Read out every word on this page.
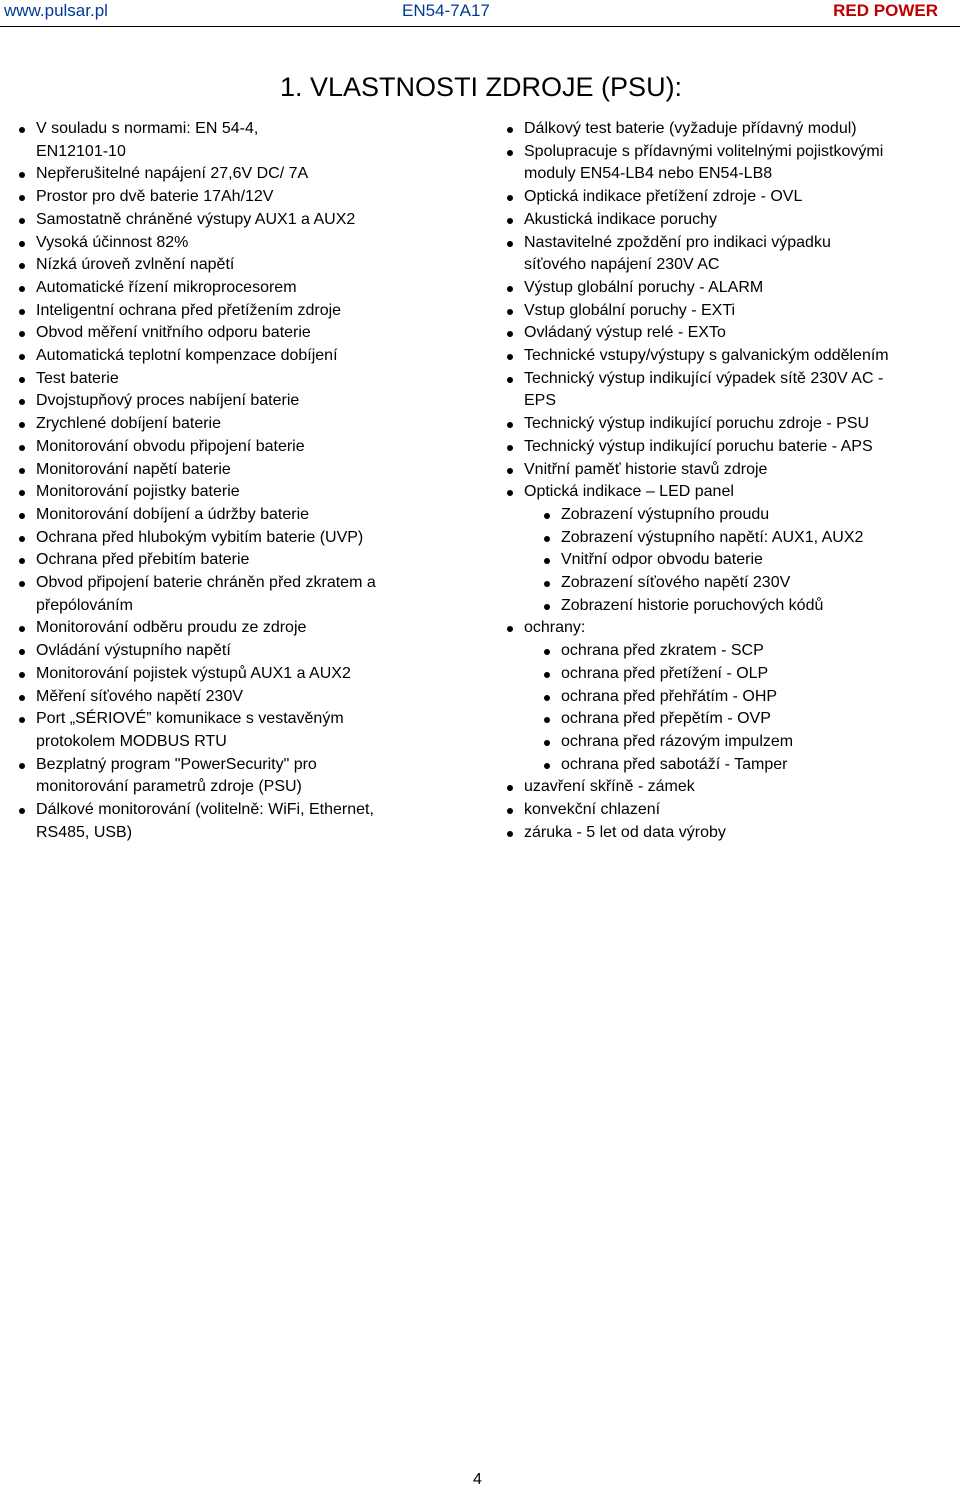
www.pulsar.pl	EN54-7A17	RED POWER
1. VLASTNOSTI ZDROJE (PSU):
V souladu s normami: EN 54-4,
EN12101-10
Nepřerušitelné napájení 27,6V DC/ 7A
Prostor pro dvě baterie 17Ah/12V
Samostatně chráněné výstupy AUX1 a AUX2
Vysoká účinnost 82%
Nízká úroveň zvlnění napětí
Automatické řízení mikroprocesorem
Inteligentní ochrana před přetížením zdroje
Obvod měření vnitřního odporu baterie
Automatická teplotní kompenzace dobíjení
Test baterie
Dvojstupňový proces nabíjení baterie
Zrychlené dobíjení baterie
Monitorování obvodu připojení baterie
Monitorování napětí baterie
Monitorování pojistky baterie
Monitorování dobíjení a údržby baterie
Ochrana před hlubokým vybitím baterie (UVP)
Ochrana před přebitím baterie
Obvod připojení baterie chráněn před zkratem a
přepólováním
Monitorování odběru proudu ze zdroje
Ovládání výstupního napětí
Monitorování pojistek výstupů AUX1 a AUX2
Měření síťového napětí 230V
Port „SÉRIOVÉ” komunikace s vestavěným
protokolem MODBUS RTU
Bezplatný program "PowerSecurity" pro
monitorování parametrů zdroje (PSU)
Dálkové monitorování (volitelně: WiFi, Ethernet,
RS485, USB)
Dálkový test baterie (vyžaduje přídavný modul)
Spolupracuje s přídavnými volitelnými pojistkovými
moduly EN54-LB4 nebo EN54-LB8
Optická indikace přetížení zdroje - OVL
Akustická indikace poruchy
Nastavitelné zpoždění pro indikaci výpadku
síťového napájení 230V AC
Výstup globální poruchy - ALARM
Vstup globální poruchy - EXTi
Ovládaný výstup relé - EXTo
Technické vstupy/výstupy s galvanickým oddělením
Technický výstup indikující výpadek sítě 230V AC -
EPS
Technický výstup indikující poruchu zdroje - PSU
Technický výstup indikující poruchu baterie - APS
Vnitřní paměť historie stavů zdroje
Optická indikace – LED panel
Zobrazení výstupního proudu
Zobrazení výstupního napětí: AUX1, AUX2
Vnitřní odpor obvodu baterie
Zobrazení síťového napětí 230V
Zobrazení historie poruchových kódů
ochrany:
ochrana před zkratem - SCP
ochrana před přetížení - OLP
ochrana před přehřátím - OHP
ochrana před přepětím - OVP
ochrana před rázovým impulzem
ochrana před sabotáží - Tamper
uzavření skříně - zámek
konvekční chlazení
záruka - 5 let od data výroby
4
